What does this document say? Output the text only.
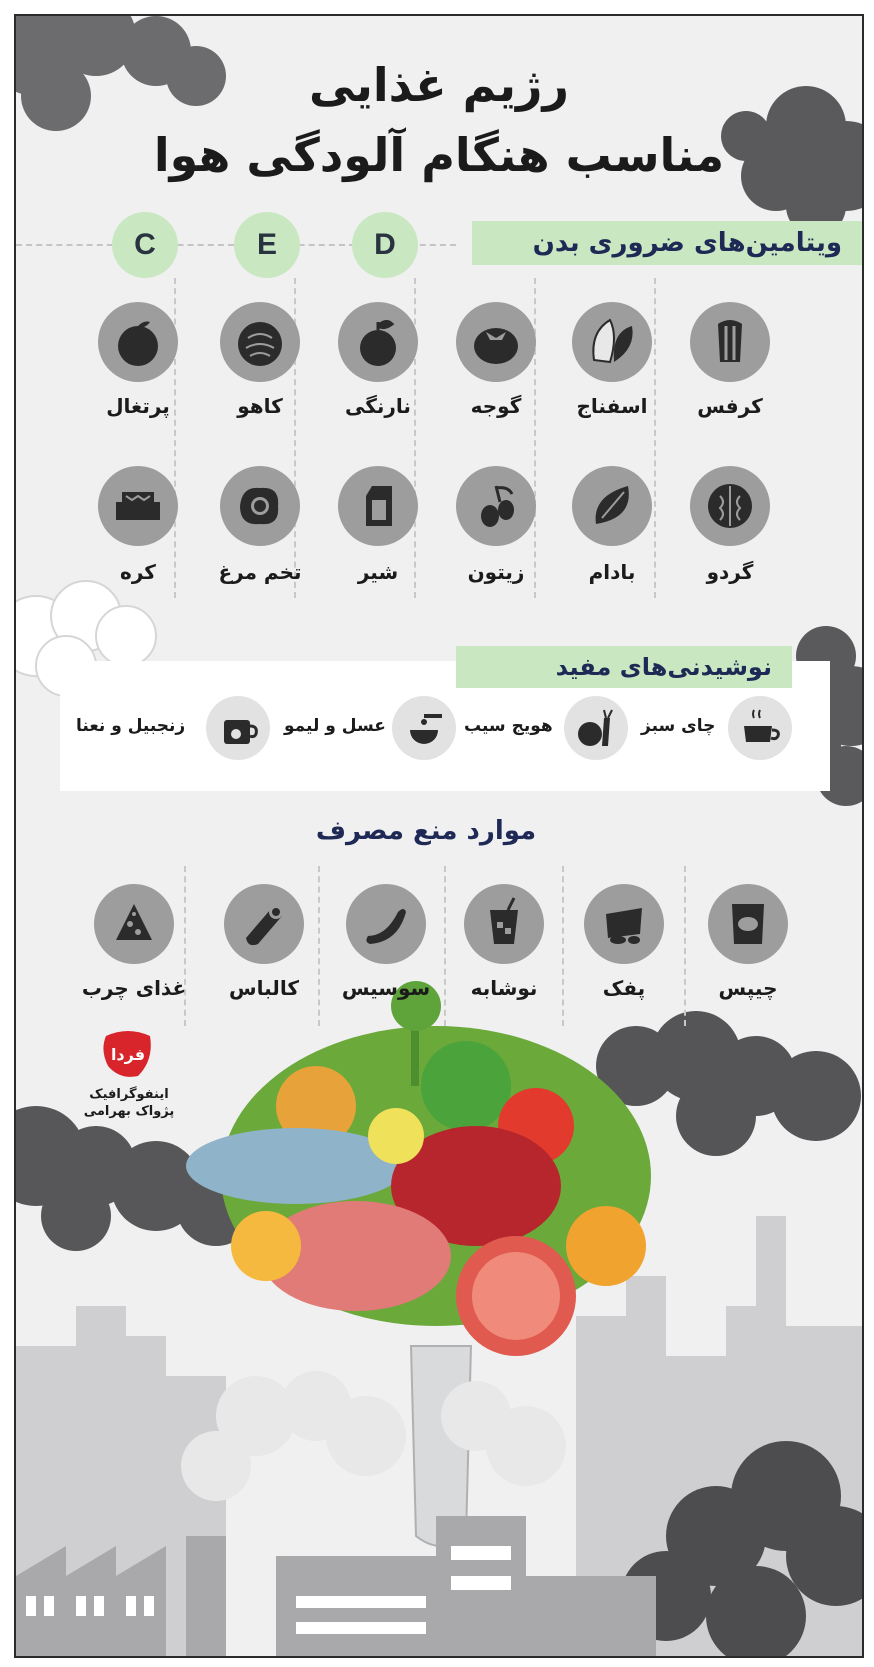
رژیم غذایی
مناسب هنگام آلودگی هوا
D
E
C	ویتامین‌های ضروری بدن
کرفس
اسفناج
گوجه
نارنگی
کاهو
پرتغال
گردو
بادام
زیتون
شیر
تخم مرغ
کره
نوشیدنی‌های مفید
چای سبز
هویج سیب
عسل و لیمو
زنجبیل و نعنا
موارد منع مصرف
چیپس
پفک
نوشابه
سوسیس
کالباس
غذای چرب
فردا
اینفوگرافیک
پژواک بهرامی
